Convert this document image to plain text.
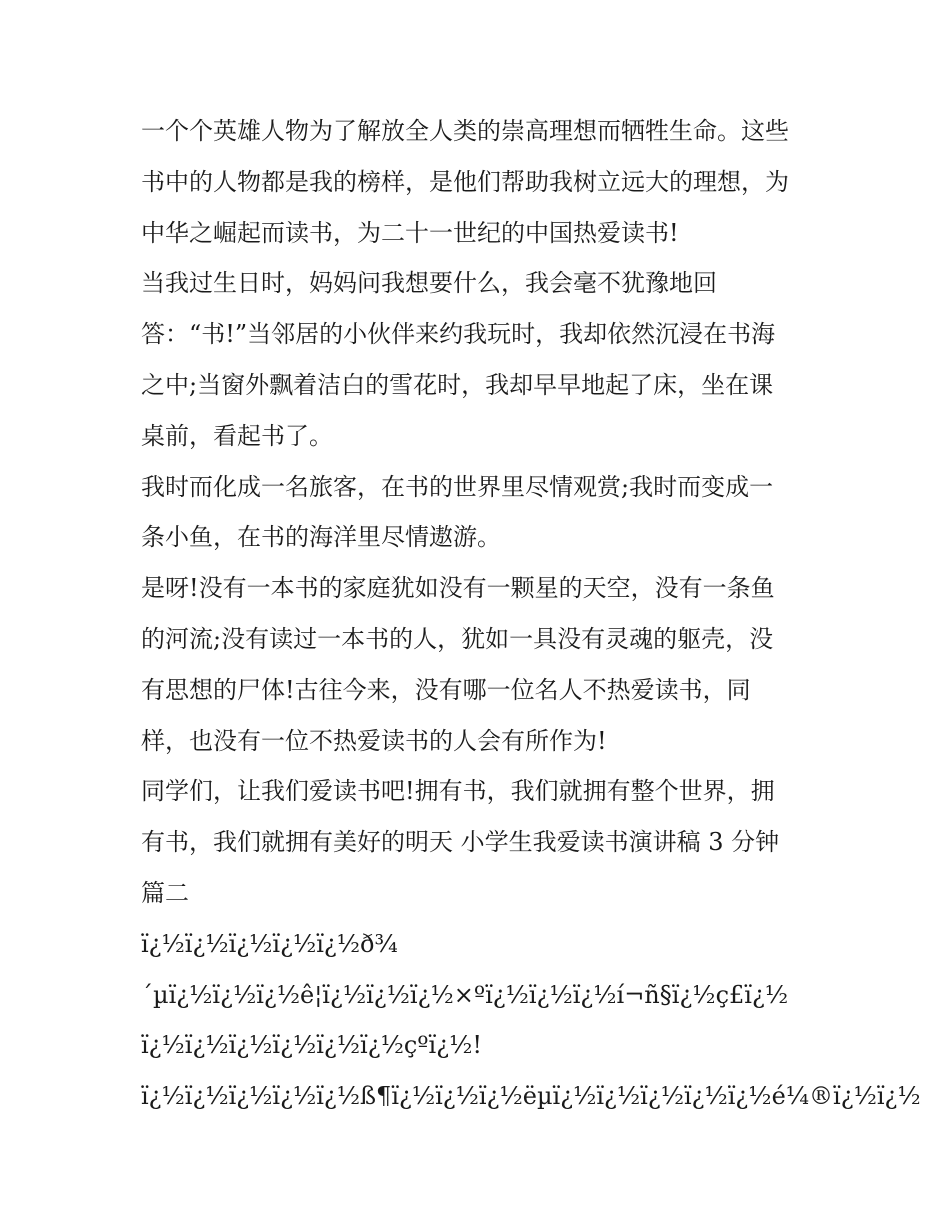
一个个英雄人物为了解放全人类的崇高理想而牺牲生命。这些
书中的人物都是我的榜样，是他们帮助我树立远大的理想，为
中华之崛起而读书，为二十一世纪的中国热爱读书!
当我过生日时，妈妈问我想要什么，我会毫不犹豫地回
答：“书!”当邻居的小伙伴来约我玩时，我却依然沉浸在书海
之中;当窗外飘着洁白的雪花时，我却早早地起了床，坐在课
桌前，看起书了。
我时而化成一名旅客，在书的世界里尽情观赏;我时而变成一
条小鱼，在书的海洋里尽情遨游。
是呀!没有一本书的家庭犹如没有一颗星的天空，没有一条鱼
的河流;没有读过一本书的人，犹如一具没有灵魂的躯壳，没
有思想的尸体!古往今来，没有哪一位名人不热爱读书，同
样，也没有一位不热爱读书的人会有所作为!
同学们，让我们爱读书吧!拥有书，我们就拥有整个世界，拥
有书，我们就拥有美好的明天 小学生我爱读书演讲稿 3 分钟
篇二
ï¿½ï¿½ï¿½ï¿½ï¿½ð¾
´µï¿½ï¿½ï¿½ê¦ï¿½ï¿½ï¿½×ºï¿½ï¿½ï¿½í¬ñ§ï¿½ç£ï¿½
ï¿½ï¿½ï¿½ï¿½ï¿½ï¿½çºï¿½!
ï¿½ï¿½ï¿½ï¿½ï¿½ß¶ï¿½ï¿½ï¿½ëµï¿½ï¿½ï¿½ï¿½ï¿½é¼®ï¿½ï¿½
